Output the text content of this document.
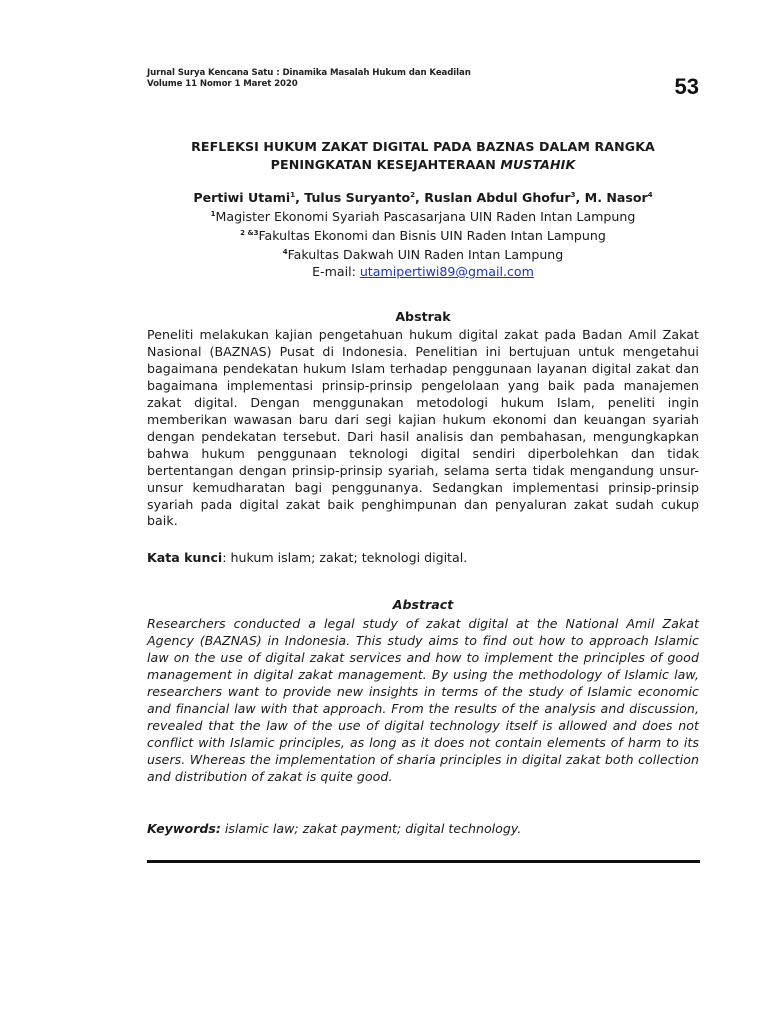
Jurnal Surya Kencana Satu : Dinamika Masalah Hukum dan Keadilan
Volume 11 Nomor 1 Maret 2020	53
REFLEKSI HUKUM ZAKAT DIGITAL PADA BAZNAS DALAM RANGKA
PENINGKATAN KESEJAHTERAAN MUSTAHIK
Pertiwi Utami$^1$, Tulus Suryanto$^2$, Ruslan Abdul Ghofur$^3$, M. Nasor$^4$
$^1$Magister Ekonomi Syariah Pascasarjana UIN Raden Intan Lampung
$^{2 \&3}$Fakultas Ekonomi dan Bisnis UIN Raden Intan Lampung
$^4$Fakultas Dakwah UIN Raden Intan Lampung
E-mail: utamipertiwi89@gmail.com
Abstrak
Peneliti melakukan kajian pengetahuan hukum digital zakat pada Badan Amil Zakat Nasional (BAZNAS) Pusat di Indonesia. Penelitian ini bertujuan untuk mengetahui bagaimana pendekatan hukum Islam terhadap penggunaan layanan digital zakat dan bagaimana implementasi prinsip-prinsip pengelolaan yang baik pada manajemen zakat digital. Dengan menggunakan metodologi hukum Islam, peneliti ingin memberikan wawasan baru dari segi kajian hukum ekonomi dan keuangan syariah dengan pendekatan tersebut. Dari hasil analisis dan pembahasan, mengungkapkan bahwa hukum penggunaan teknologi digital sendiri diperbolehkan dan tidak bertentangan dengan prinsip-prinsip syariah, selama serta tidak mengandung unsur-unsur kemudharatan bagi penggunanya. Sedangkan implementasi prinsip-prinsip syariah pada digital zakat baik penghimpunan dan penyaluran zakat sudah cukup baik.
Kata kunci: hukum islam; zakat; teknologi digital.
Abstract
Researchers conducted a legal study of zakat digital at the National Amil Zakat Agency (BAZNAS) in Indonesia. This study aims to find out how to approach Islamic law on the use of digital zakat services and how to implement the principles of good management in digital zakat management. By using the methodology of Islamic law, researchers want to provide new insights in terms of the study of Islamic economic and financial law with that approach. From the results of the analysis and discussion, revealed that the law of the use of digital technology itself is allowed and does not conflict with Islamic principles, as long as it does not contain elements of harm to its users. Whereas the implementation of sharia principles in digital zakat both collection and distribution of zakat is quite good.
Keywords: islamic law; zakat payment; digital technology.
